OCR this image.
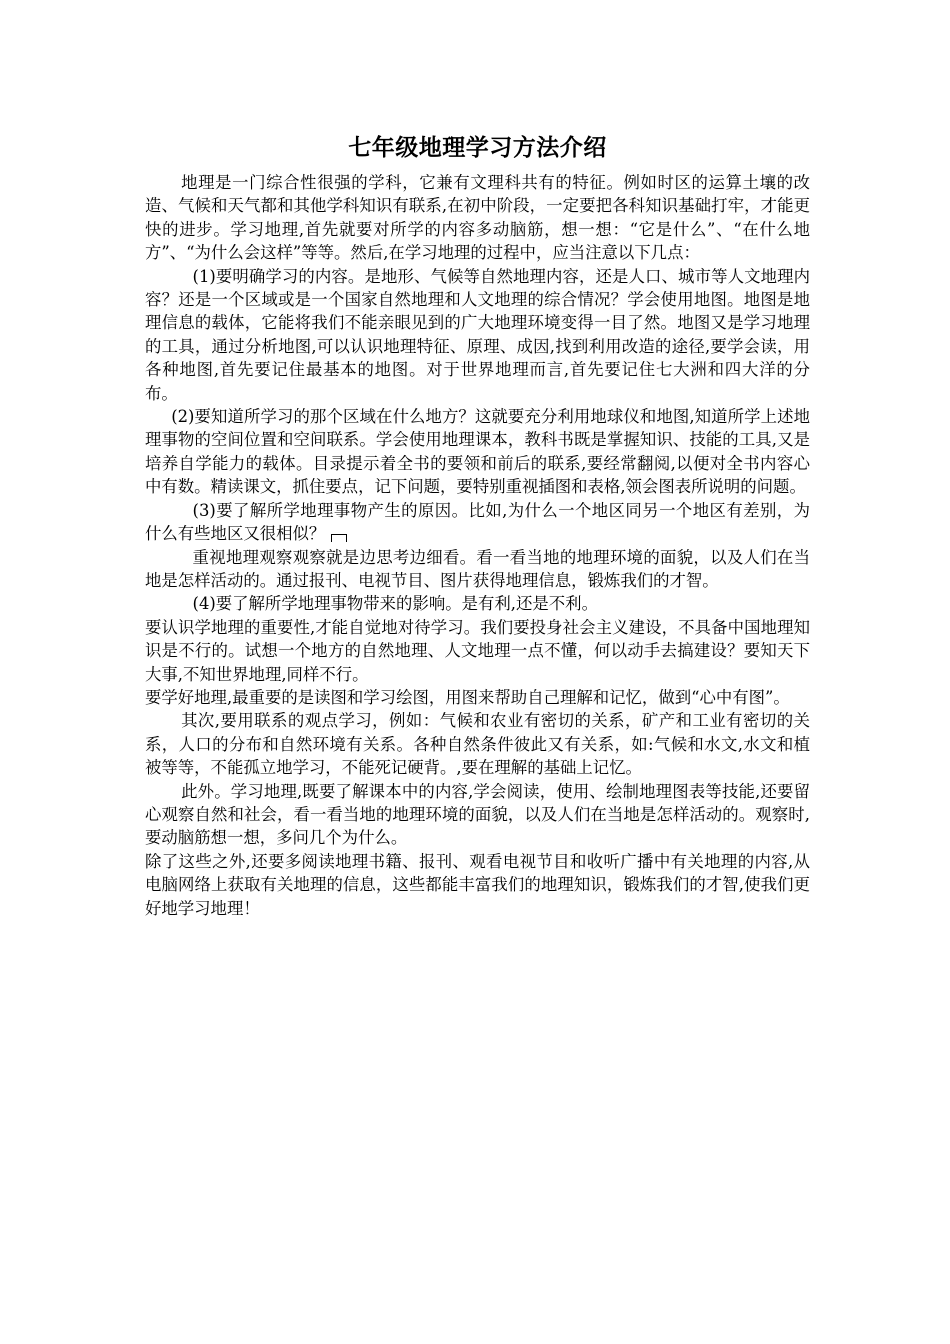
七年级地理学习方法介绍

地理是一门综合性很强的学科，它兼有文理科共有的特征。例如时区的运算土壤的改造、气候和天气都和其他学科知识有联系,在初中阶段，一定要把各科知识基础打牢，才能更快的进步。学习地理,首先就要对所学的内容多动脑筋，想一想：“它是什么”、“在什么地方”、“为什么会这样”等等。然后,在学习地理的过程中，应当注意以下几点：

(1)要明确学习的内容。是地形、气候等自然地理内容，还是人口、城市等人文地理内容？还是一个区域或是一个国家自然地理和人文地理的综合情况？学会使用地图。地图是地理信息的载体，它能将我们不能亲眼见到的广大地理环境变得一目了然。地图又是学习地理的工具，通过分析地图,可以认识地理特征、原理、成因,找到利用改造的途径,要学会读，用各种地图,首先要记住最基本的地图。对于世界地理而言,首先要记住七大洲和四大洋的分布。

(2)要知道所学习的那个区域在什么地方？这就要充分利用地球仪和地图,知道所学上述地理事物的空间位置和空间联系。学会使用地理课本，教科书既是掌握知识、技能的工具,又是培养自学能力的载体。目录提示着全书的要领和前后的联系,要经常翻阅,以便对全书内容心中有数。精读课文，抓住要点，记下问题，要特别重视插图和表格,领会图表所说明的问题。

(3)要了解所学地理事物产生的原因。比如,为什么一个地区同另一个地区有差别，为什么有些地区又很相似？

重视地理观察观察就是边思考边细看。看一看当地的地理环境的面貌，以及人们在当地是怎样活动的。通过报刊、电视节目、图片获得地理信息，锻炼我们的才智。

(4)要了解所学地理事物带来的影响。是有利,还是不利。

要认识学地理的重要性,才能自觉地对待学习。我们要投身社会主义建设，不具备中国地理知识是不行的。试想一个地方的自然地理、人文地理一点不懂，何以动手去搞建设？要知天下大事,不知世界地理,同样不行。

要学好地理,最重要的是读图和学习绘图，用图来帮助自己理解和记忆，做到“心中有图”。

其次,要用联系的观点学习，例如：气候和农业有密切的关系，矿产和工业有密切的关系，人口的分布和自然环境有关系。各种自然条件彼此又有关系，如:气候和水文,水文和植被等等，不能孤立地学习，不能死记硬背。,要在理解的基础上记忆。

此外。学习地理,既要了解课本中的内容,学会阅读，使用、绘制地理图表等技能,还要留心观察自然和社会，看一看当地的地理环境的面貌，以及人们在当地是怎样活动的。观察时,要动脑筋想一想，多问几个为什么。

除了这些之外,还要多阅读地理书籍、报刊、观看电视节目和收听广播中有关地理的内容,从电脑网络上获取有关地理的信息，这些都能丰富我们的地理知识，锻炼我们的才智,使我们更好地学习地理！
